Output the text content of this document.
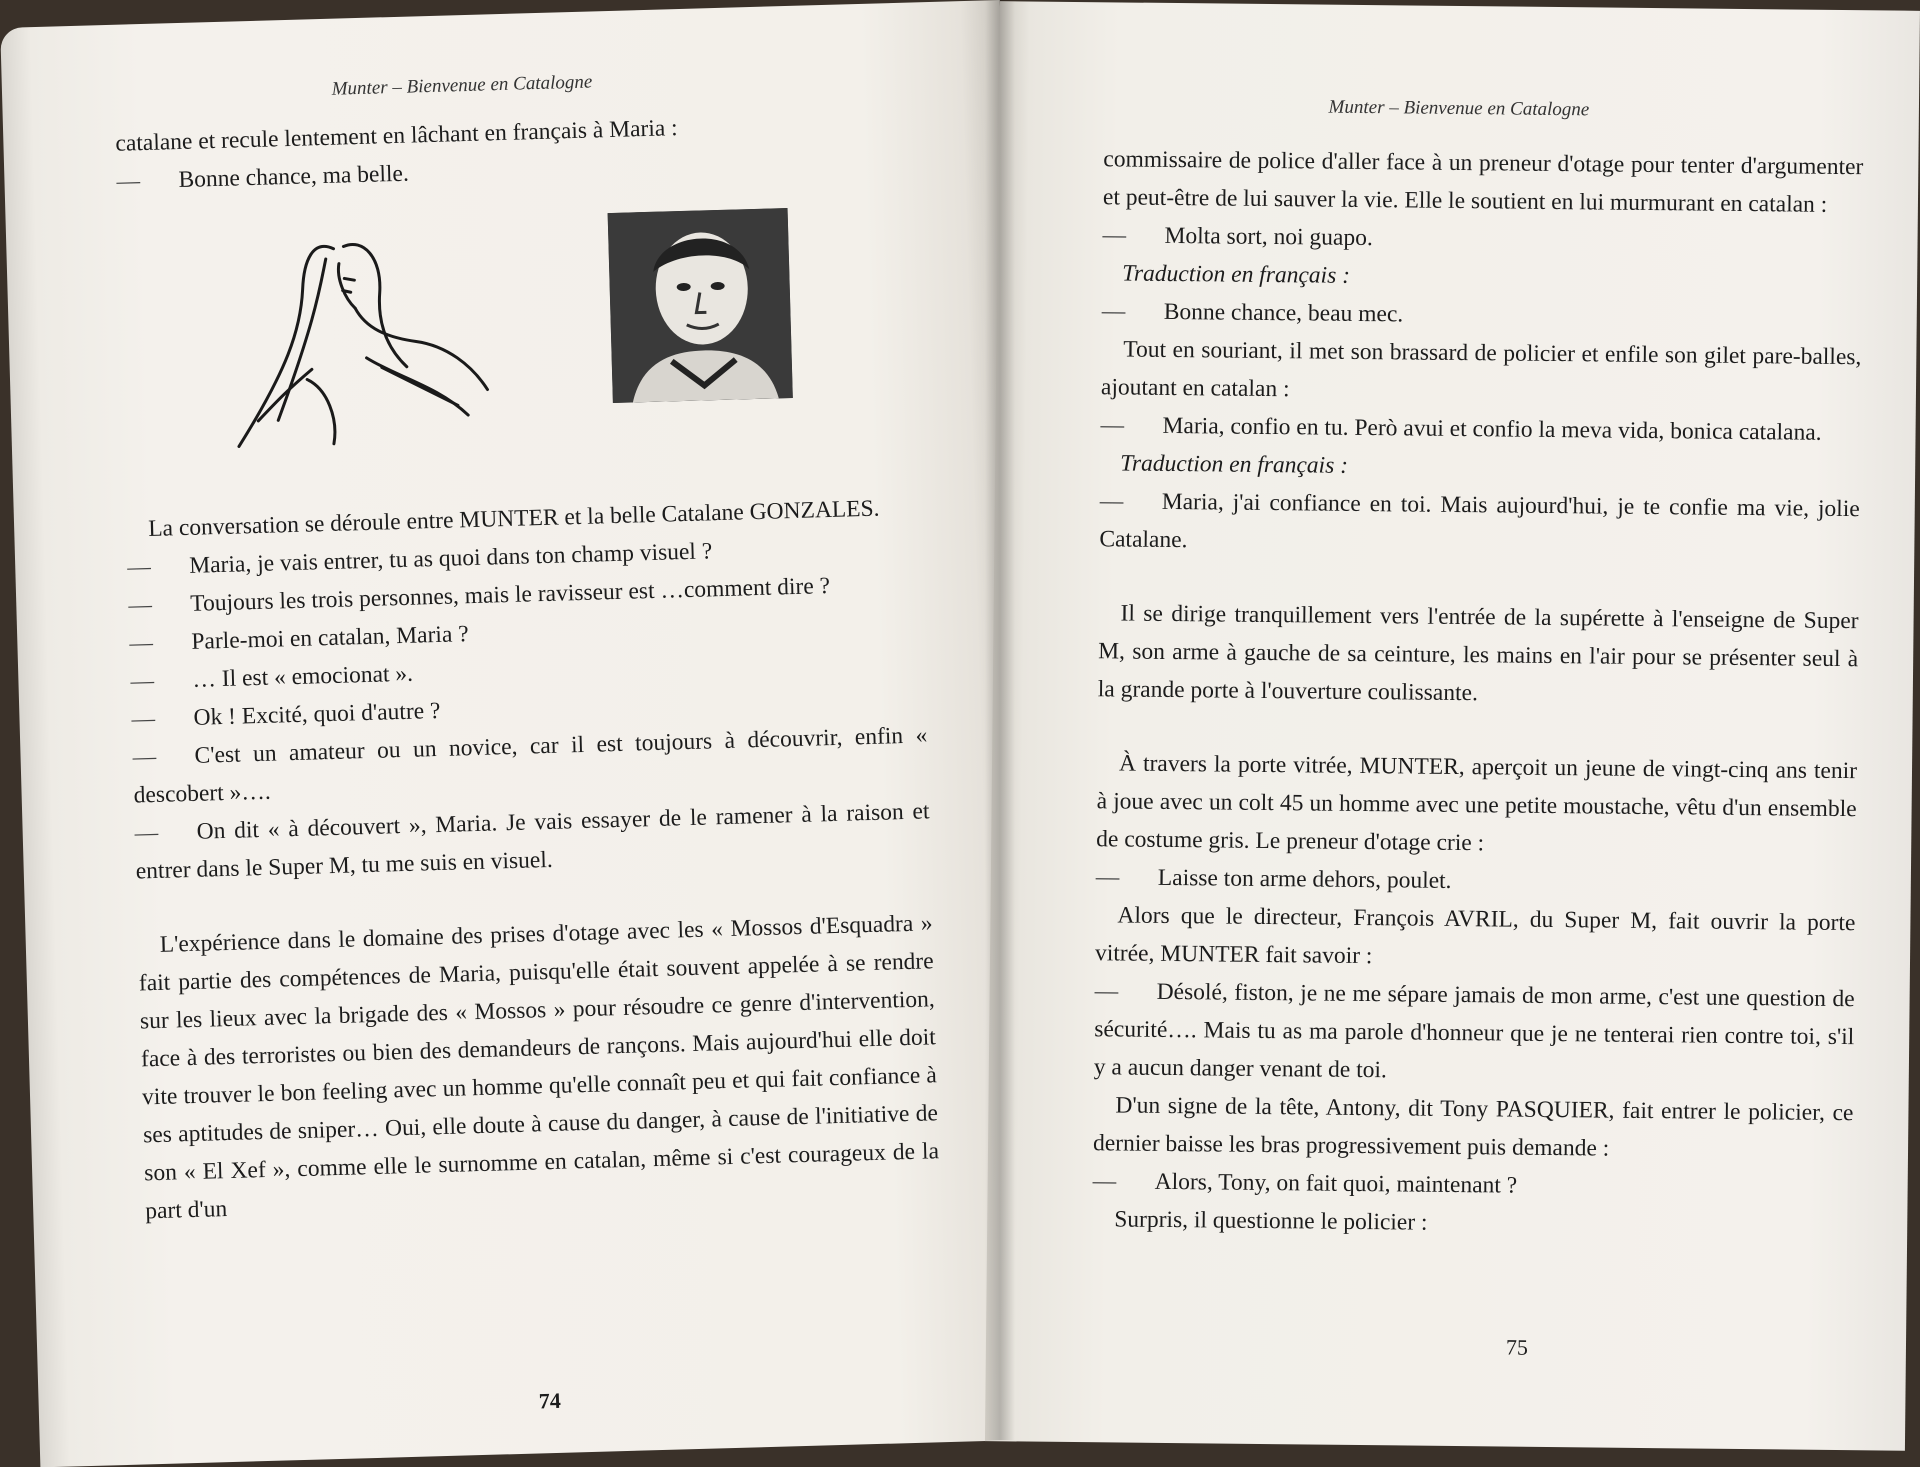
Munter – Bienvenue en Catalogne

catalane et recule lentement en lâchant en français à Maria :

— Bonne chance, ma belle.

La conversation se déroule entre MUNTER et la belle Catalane GONZALES.

— Maria, je vais entrer, tu as quoi dans ton champ visuel ?

— Toujours les trois personnes, mais le ravisseur est …comment dire ?

— Parle-moi en catalan, Maria ?

— … Il est « emocionat ».

— Ok ! Excité, quoi d'autre ?

— C'est un amateur ou un novice, car il est toujours à découvrir, enfin « descobert »….

— On dit « à découvert », Maria. Je vais essayer de le ramener à la raison et entrer dans le Super M, tu me suis en visuel.

L'expérience dans le domaine des prises d'otage avec les « Mossos d'Esquadra » fait partie des compétences de Maria, puisqu'elle était souvent appelée à se rendre sur les lieux avec la brigade des « Mossos » pour résoudre ce genre d'intervention, face à des terroristes ou bien des demandeurs de rançons. Mais aujourd'hui elle doit vite trouver le bon feeling avec un homme qu'elle connaît peu et qui fait confiance à ses aptitudes de sniper… Oui, elle doute à cause du danger, à cause de l'initiative de son « El Xef », comme elle le surnomme en catalan, même si c'est courageux de la part d'un

74
Munter – Bienvenue en Catalogne

commissaire de police d'aller face à un preneur d'otage pour tenter d'argumenter et peut-être de lui sauver la vie. Elle le soutient en lui murmurant en catalan :

— Molta sort, noi guapo.

Traduction en français :

— Bonne chance, beau mec.

Tout en souriant, il met son brassard de policier et enfile son gilet pare-balles, ajoutant en catalan :

— Maria, confio en tu. Però avui et confio la meva vida, bonica catalana.

Traduction en français :

— Maria, j'ai confiance en toi. Mais aujourd'hui, je te confie ma vie, jolie Catalane.

Il se dirige tranquillement vers l'entrée de la supérette à l'enseigne de Super M, son arme à gauche de sa ceinture, les mains en l'air pour se présenter seul à la grande porte à l'ouverture coulissante.

À travers la porte vitrée, MUNTER, aperçoit un jeune de vingt-cinq ans tenir à joue avec un colt 45 un homme avec une petite moustache, vêtu d'un ensemble de costume gris. Le preneur d'otage crie :

— Laisse ton arme dehors, poulet.

Alors que le directeur, François AVRIL, du Super M, fait ouvrir la porte vitrée, MUNTER fait savoir :

— Désolé, fiston, je ne me sépare jamais de mon arme, c'est une question de sécurité…. Mais tu as ma parole d'honneur que je ne tenterai rien contre toi, s'il y a aucun danger venant de toi.

D'un signe de la tête, Antony, dit Tony PASQUIER, fait entrer le policier, ce dernier baisse les bras progressivement puis demande :

— Alors, Tony, on fait quoi, maintenant ?

Surpris, il questionne le policier :

75
